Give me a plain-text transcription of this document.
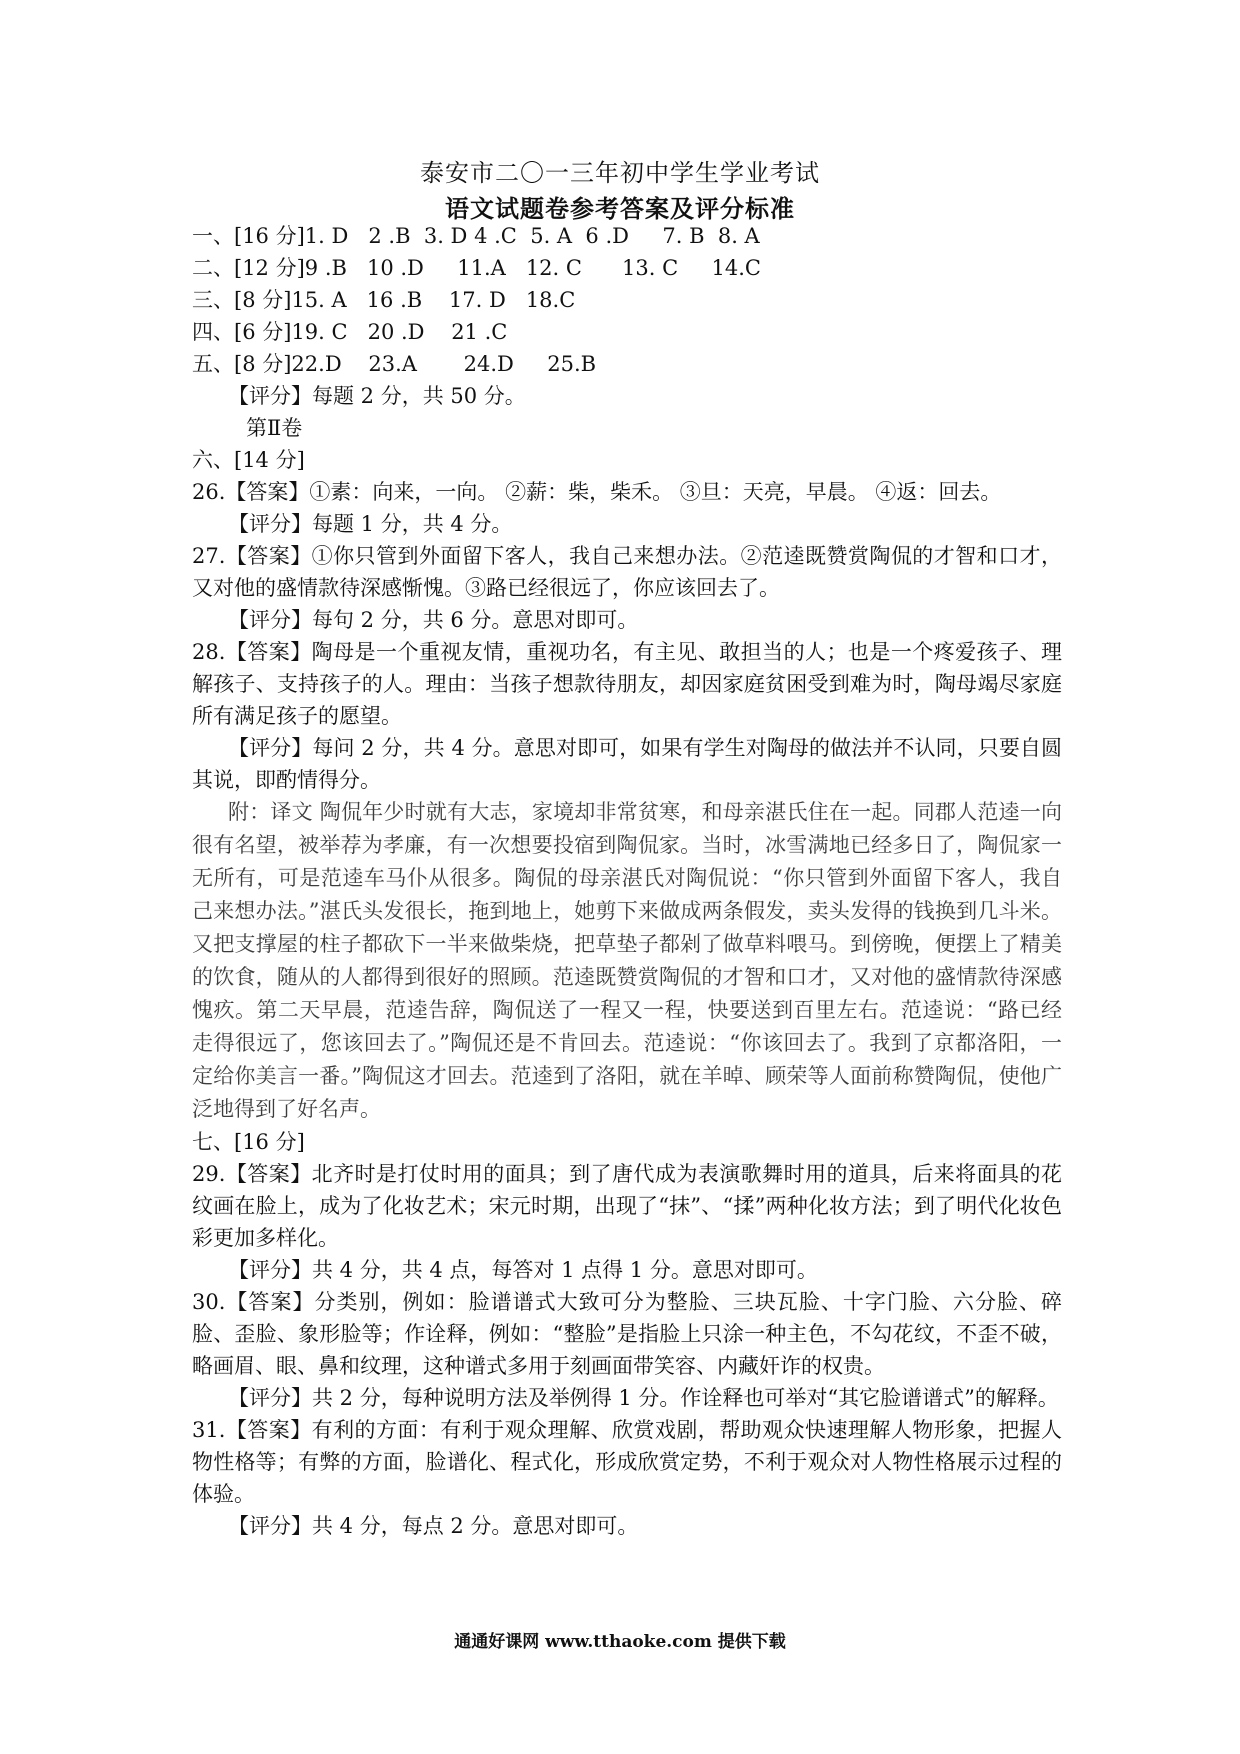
泰安市二〇一三年初中学生学业考试
语文试题卷参考答案及评分标准
一、[16 分]1. D   2 .B  3. D 4 .C  5. A  6 .D     7. B  8. A
二、[12 分]9 .B   10 .D     11.A   12. C      13. C     14.C
三、[8 分]15. A   16 .B    17. D   18.C
四、[6 分]19. C   20 .D    21 .C
五、[8 分]22.D    23.A       24.D     25.B
【评分】每题 2 分，共 50 分。
第Ⅱ卷
六、[14 分]
26.【答案】①素：向来，一向。 ②薪：柴，柴禾。 ③旦：天亮，早晨。 ④返：回去。
【评分】每题 1 分，共 4 分。
27.【答案】①你只管到外面留下客人，我自己来想办法。②范逵既赞赏陶侃的才智和口才，又对他的盛情款待深感惭愧。③路已经很远了，你应该回去了。
【评分】每句 2 分，共 6 分。意思对即可。
28.【答案】陶母是一个重视友情，重视功名，有主见、敢担当的人；也是一个疼爱孩子、理解孩子、支持孩子的人。理由：当孩子想款待朋友，却因家庭贫困受到难为时，陶母竭尽家庭所有满足孩子的愿望。
【评分】每问 2 分，共 4 分。意思对即可，如果有学生对陶母的做法并不认同，只要自圆其说，即酌情得分。
附：译文 陶侃年少时就有大志，家境却非常贫寒，和母亲湛氏住在一起。同郡人范逵一向很有名望，被举荐为孝廉，有一次想要投宿到陶侃家。当时，冰雪满地已经多日了，陶侃家一无所有，可是范逵车马仆从很多。陶侃的母亲湛氏对陶侃说：“你只管到外面留下客人，我自己来想办法。”湛氏头发很长，拖到地上，她剪下来做成两条假发，卖头发得的钱换到几斗米。又把支撑屋的柱子都砍下一半来做柴烧，把草垫子都剁了做草料喂马。到傍晚，便摆上了精美的饮食，随从的人都得到很好的照顾。范逵既赞赏陶侃的才智和口才，又对他的盛情款待深感愧疚。第二天早晨，范逵告辞，陶侃送了一程又一程，快要送到百里左右。范逵说：“路已经走得很远了，您该回去了。”陶侃还是不肯回去。范逵说：“你该回去了。我到了京都洛阳，一定给你美言一番。”陶侃这才回去。范逵到了洛阳，就在羊晫、顾荣等人面前称赞陶侃，使他广泛地得到了好名声。
七、[16 分]
29.【答案】北齐时是打仗时用的面具；到了唐代成为表演歌舞时用的道具，后来将面具的花纹画在脸上，成为了化妆艺术；宋元时期，出现了“抹”、“揉”两种化妆方法；到了明代化妆色彩更加多样化。
【评分】共 4 分，共 4 点，每答对 1 点得 1 分。意思对即可。
30.【答案】分类别，例如：脸谱谱式大致可分为整脸、三块瓦脸、十字门脸、六分脸、碎脸、歪脸、象形脸等；作诠释，例如：“整脸”是指脸上只涂一种主色，不勾花纹，不歪不破，略画眉、眼、鼻和纹理，这种谱式多用于刻画面带笑容、内藏奸诈的权贵。
【评分】共 2 分，每种说明方法及举例得 1 分。作诠释也可举对“其它脸谱谱式”的解释。
31.【答案】有利的方面：有利于观众理解、欣赏戏剧，帮助观众快速理解人物形象，把握人物性格等；有弊的方面，脸谱化、程式化，形成欣赏定势，不利于观众对人物性格展示过程的体验。
【评分】共 4 分，每点 2 分。意思对即可。
通通好课网 www.tthaoke.com 提供下载
